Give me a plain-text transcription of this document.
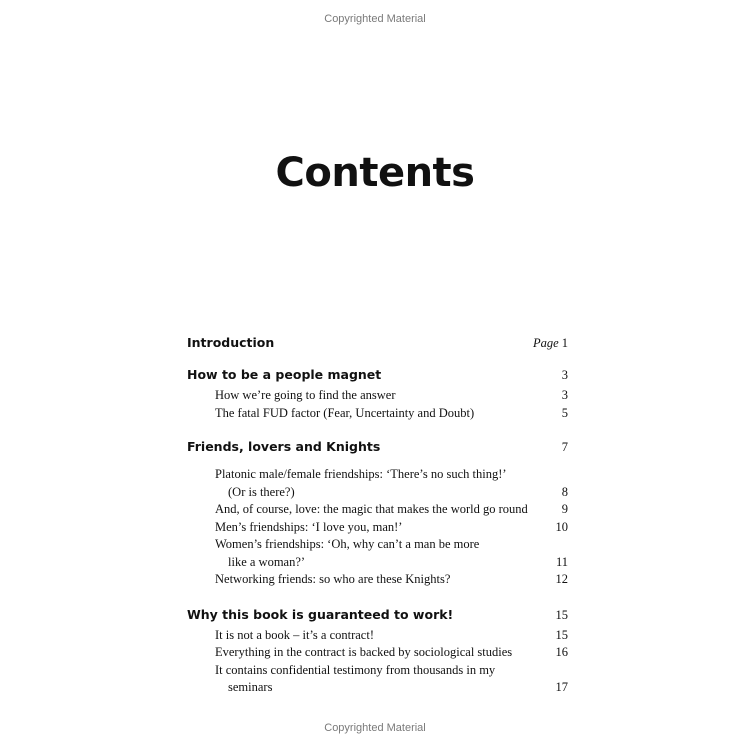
Copyrighted Material
Contents
Introduction	Page 1
How to be a people magnet	3
How we’re going to find the answer	3
The fatal FUD factor (Fear, Uncertainty and Doubt)	5
Friends, lovers and Knights	7
Platonic male/female friendships: ‘There’s no such thing!’
(Or is there?)	8
And, of course, love: the magic that makes the world go round	9
Men’s friendships: ‘I love you, man!’	10
Women’s friendships: ‘Oh, why can’t a man be more
like a woman?’	11
Networking friends: so who are these Knights?	12
Why this book is guaranteed to work!	15
It is not a book – it’s a contract!	15
Everything in the contract is backed by sociological studies	16
It contains confidential testimony from thousands in my
seminars	17
Copyrighted Material
